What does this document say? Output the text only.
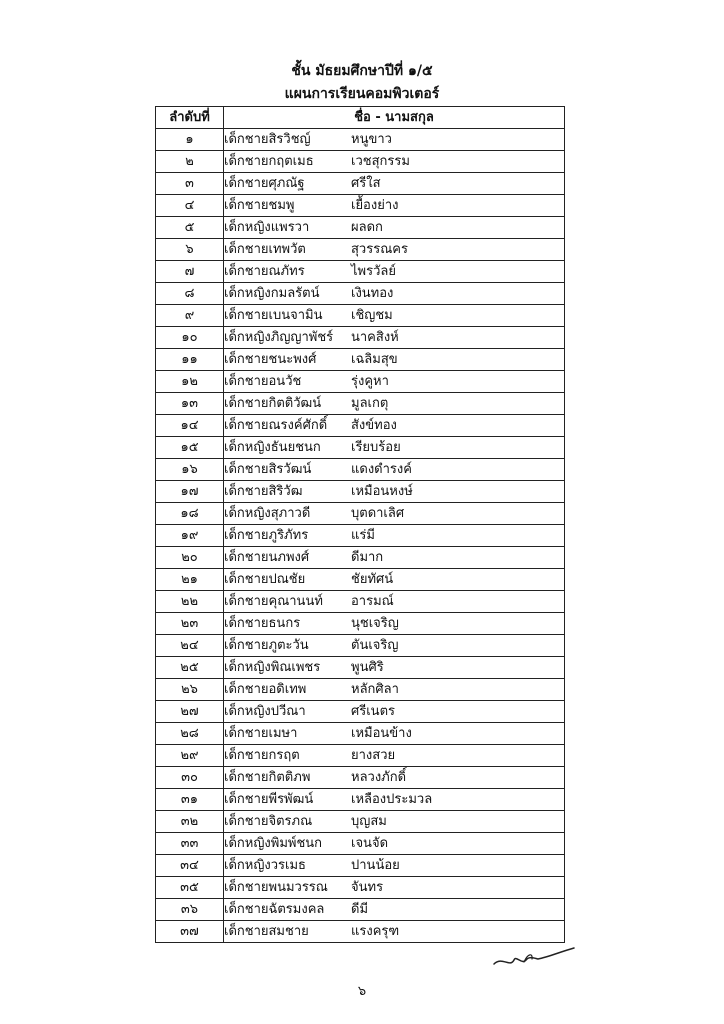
ชั้น มัธยมศึกษาปีที่ ๑/๕
แผนการเรียนคอมพิวเตอร์
ลำดับที่	ชื่อ - นามสกุล
๑	เด็กชายสิรวิชญ์ หนูขาว
๒	เด็กชายกฤตเมธ เวชสุกรรม
๓	เด็กชายศุภณัฐ ศรีใส
๔	เด็กชายชมพู เยื้องย่าง
๕	เด็กหญิงแพรวา ผลดก
๖	เด็กชายเทพวัต สุวรรณคร
๗	เด็กชายณภัทร ไพรวัลย์
๘	เด็กหญิงกมลรัตน์ เงินทอง
๙	เด็กชายเบนจามิน เชิญชม
๑๐	เด็กหญิงภิญญาพัชร์ นาคสิงห์
๑๑	เด็กชายชนะพงศ์ เฉลิมสุข
๑๒	เด็กชายอนวัช รุ่งคูหา
๑๓	เด็กชายกิตติวัฒน์ มูลเกตุ
๑๔	เด็กชายณรงค์ศักดิ์ สังข์ทอง
๑๕	เด็กหญิงธันยชนก เรียบร้อย
๑๖	เด็กชายสิรวัฒน์ แดงดำรงค์
๑๗	เด็กชายสิริวัฒ เหมือนหงษ์
๑๘	เด็กหญิงสุภาวดี บุตดาเลิศ
๑๙	เด็กชายภูริภัทร แร่มี
๒๐	เด็กชายนภพงศ์ ดีมาก
๒๑	เด็กชายปณชัย ชัยทัศน์
๒๒	เด็กชายคุณานนท์ อารมณ์
๒๓	เด็กชายธนกร นุชเจริญ
๒๔	เด็กชายภูตะวัน ตันเจริญ
๒๕	เด็กหญิงพิณเพชร พูนศิริ
๒๖	เด็กชายอดิเทพ หลักศิลา
๒๗	เด็กหญิงปวีณา ศรีเนตร
๒๘	เด็กชายเมษา เหมือนข้าง
๒๙	เด็กชายกรฤต ยางสวย
๓๐	เด็กชายกิตติภพ หลวงภักดิ์
๓๑	เด็กชายพีรพัฒน์ เหลืองประมวล
๓๒	เด็กชายจิตรภณ บุญสม
๓๓	เด็กหญิงพิมพ์ชนก เจนจัด
๓๔	เด็กหญิงวรเมธ ปานน้อย
๓๕	เด็กชายพนมวรรณ จันทร
๓๖	เด็กชายฉัตรมงคล ดีมี
๓๗	เด็กชายสมชาย แรงครุฑ
๖
